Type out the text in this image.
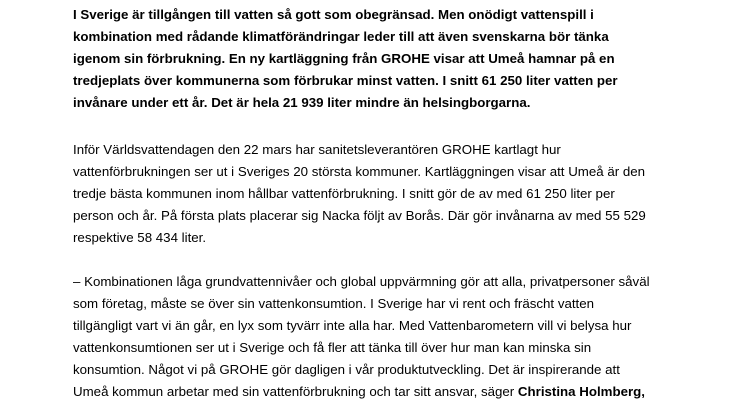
I Sverige är tillgången till vatten så gott som obegränsad. Men onödigt vattenspill i
kombination med rådande klimatförändringar leder till att även svenskarna bör tänka
igenom sin förbrukning. En ny kartläggning från GROHE visar att Umeå hamnar på en
tredjeplats över kommunerna som förbrukar minst vatten. I snitt 61 250 liter vatten per
invånare under ett år. Det är hela 21 939 liter mindre än helsingborgarna.
Inför Världsvattendagen den 22 mars har sanitetsleverantören GROHE kartlagt hur
vattenförbrukningen ser ut i Sveriges 20 största kommuner. Kartläggningen visar att Umeå är den
tredje bästa kommunen inom hållbar vattenförbrukning. I snitt gör de av med 61 250 liter per
person och år. På första plats placerar sig Nacka följt av Borås. Där gör invånarna av med 55 529
respektive 58 434 liter.
– Kombinationen låga grundvattennivåer och global uppvärmning gör att alla, privatpersoner såväl
som företag, måste se över sin vattenkonsumtion. I Sverige har vi rent och fräscht vatten
tillgängligt vart vi än går, en lyx som tyvärr inte alla har. Med Vattenbarometern vill vi belysa hur
vattenkonsumtionen ser ut i Sverige och få fler att tänka till över hur man kan minska sin
konsumtion. Något vi på GROHE gör dagligen i vår produktutveckling. Det är inspirerande att
Umeå kommun arbetar med sin vattenförbrukning och tar sitt ansvar, säger Christina Holmberg,
